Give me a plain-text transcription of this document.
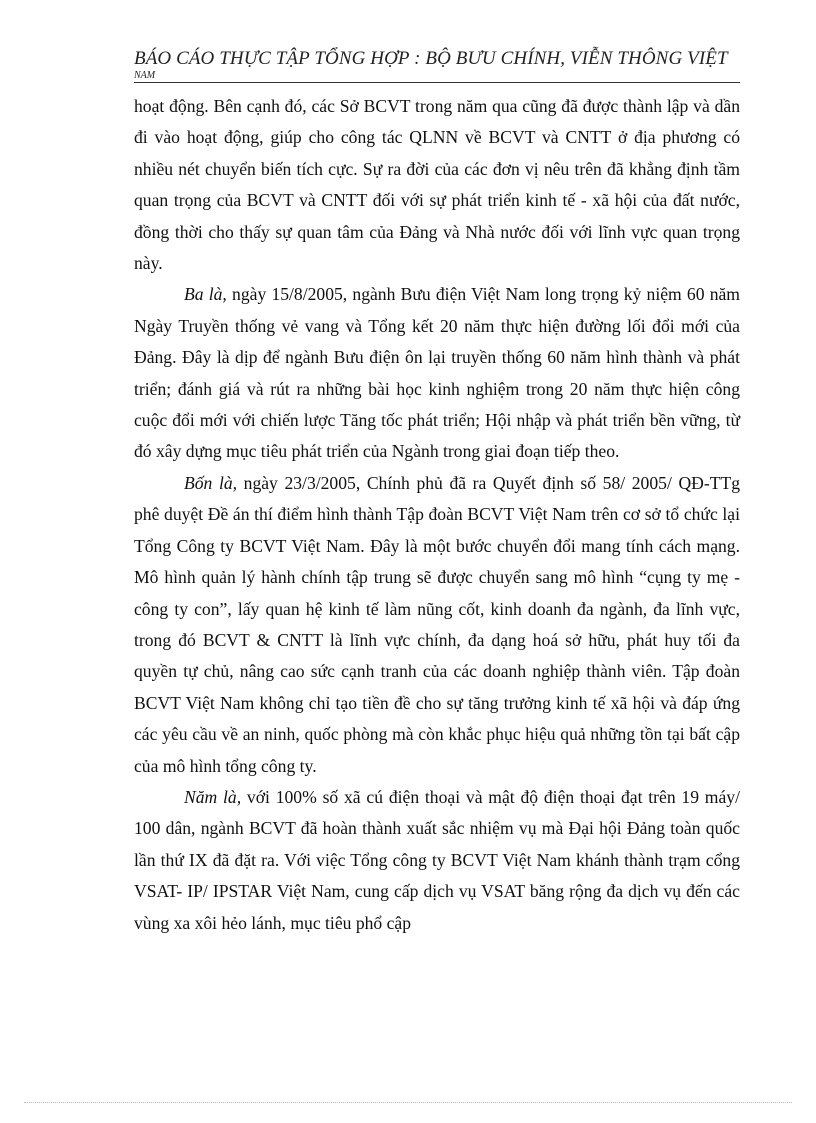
BÁO CÁO THỰC TẬP TỔNG HỢP : BỘ BƯU CHÍNH, VIỄN THÔNG VIỆT
NAM

hoạt động. Bên cạnh đó, các Sở BCVT trong năm qua cũng đã được thành lập và dần đi vào hoạt động, giúp cho công tác QLNN về BCVT và CNTT ở địa phương có nhiều nét chuyển biến tích cực. Sự ra đời của các đơn vị nêu trên đã khẳng định tầm quan trọng của BCVT và CNTT đối với sự phát triển kinh tế - xã hội của đất nước, đồng thời cho thấy sự quan tâm của Đảng và Nhà nước đối với lĩnh vực quan trọng này.

Ba là, ngày 15/8/2005, ngành Bưu điện Việt Nam long trọng kỷ niệm 60 năm Ngày Truyền thống vẻ vang và Tổng kết 20 năm thực hiện đường lối đổi mới của Đảng. Đây là dịp để ngành Bưu điện ôn lại truyền thống 60 năm hình thành và phát triển; đánh giá và rút ra những bài học kinh nghiệm trong 20 năm thực hiện công cuộc đổi mới với chiến lược Tăng tốc phát triển; Hội nhập và phát triển bền vững, từ đó xây dựng mục tiêu phát triển của Ngành trong giai đoạn tiếp theo.

Bốn là, ngày 23/3/2005, Chính phủ đã ra Quyết định số 58/ 2005/ QĐ-TTg phê duyệt Đề án thí điểm hình thành Tập đoàn BCVT Việt Nam trên cơ sở tổ chức lại Tổng Công ty BCVT Việt Nam. Đây là một bước chuyển đổi mang tính cách mạng. Mô hình quản lý hành chính tập trung sẽ được chuyển sang mô hình “cụng ty mẹ - công ty con”, lấy quan hệ kinh tế làm nũng cốt, kinh doanh đa ngành, đa lĩnh vực, trong đó BCVT & CNTT là lĩnh vực chính, đa dạng hoá sở hữu, phát huy tối đa quyền tự chủ, nâng cao sức cạnh tranh của các doanh nghiệp thành viên. Tập đoàn BCVT Việt Nam không chỉ tạo tiền đề cho sự tăng trưởng kinh tế xã hội và đáp ứng các yêu cầu về an ninh, quốc phòng mà còn khắc phục hiệu quả những tồn tại bất cập của mô hình tổng công ty.

Năm là, với 100% số xã cú điện thoại và mật độ điện thoại đạt trên 19 máy/ 100 dân, ngành BCVT đã hoàn thành xuất sắc nhiệm vụ mà Đại hội Đảng toàn quốc lần thứ IX đã đặt ra. Với việc Tổng công ty BCVT Việt Nam khánh thành trạm cổng VSAT- IP/ IPSTAR Việt Nam, cung cấp dịch vụ VSAT băng rộng đa dịch vụ đến các vùng xa xôi hẻo lánh, mục tiêu phổ cập
